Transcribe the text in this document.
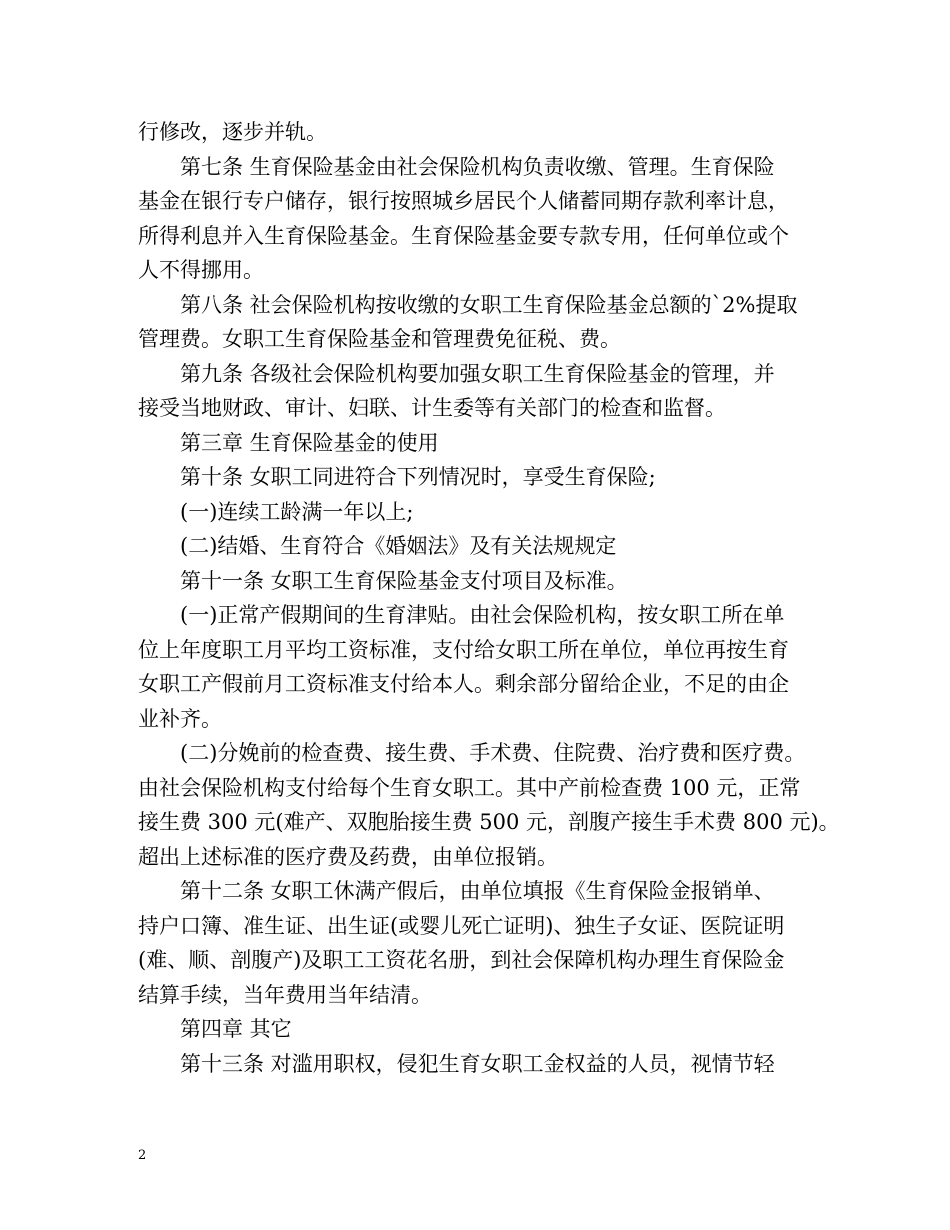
行修改，逐步并轨。
第七条 生育保险基金由社会保险机构负责收缴、管理。生育保险
基金在银行专户储存，银行按照城乡居民个人储蓄同期存款利率计息，
所得利息并入生育保险基金。生育保险基金要专款专用，任何单位或个
人不得挪用。
第八条 社会保险机构按收缴的女职工生育保险基金总额的`2%提取
管理费。女职工生育保险基金和管理费免征税、费。
第九条 各级社会保险机构要加强女职工生育保险基金的管理，并
接受当地财政、审计、妇联、计生委等有关部门的检查和监督。
第三章 生育保险基金的使用
第十条 女职工同进符合下列情况时，享受生育保险;
(一)连续工龄满一年以上;
(二)结婚、生育符合《婚姻法》及有关法规规定
第十一条 女职工生育保险基金支付项目及标准。
(一)正常产假期间的生育津贴。由社会保险机构，按女职工所在单
位上年度职工月平均工资标准，支付给女职工所在单位，单位再按生育
女职工产假前月工资标准支付给本人。剩余部分留给企业，不足的由企
业补齐。
(二)分娩前的检查费、接生费、手术费、住院费、治疗费和医疗费。
由社会保险机构支付给每个生育女职工。其中产前检查费 100 元，正常
接生费 300 元(难产、双胞胎接生费 500 元，剖腹产接生手术费 800 元)。
超出上述标准的医疗费及药费，由单位报销。
第十二条 女职工休满产假后，由单位填报《生育保险金报销单、
持户口簿、准生证、出生证(或婴儿死亡证明)、独生子女证、医院证明
(难、顺、剖腹产)及职工工资花名册，到社会保障机构办理生育保险金
结算手续，当年费用当年结清。
第四章 其它
第十三条 对滥用职权，侵犯生育女职工金权益的人员，视情节轻
2
